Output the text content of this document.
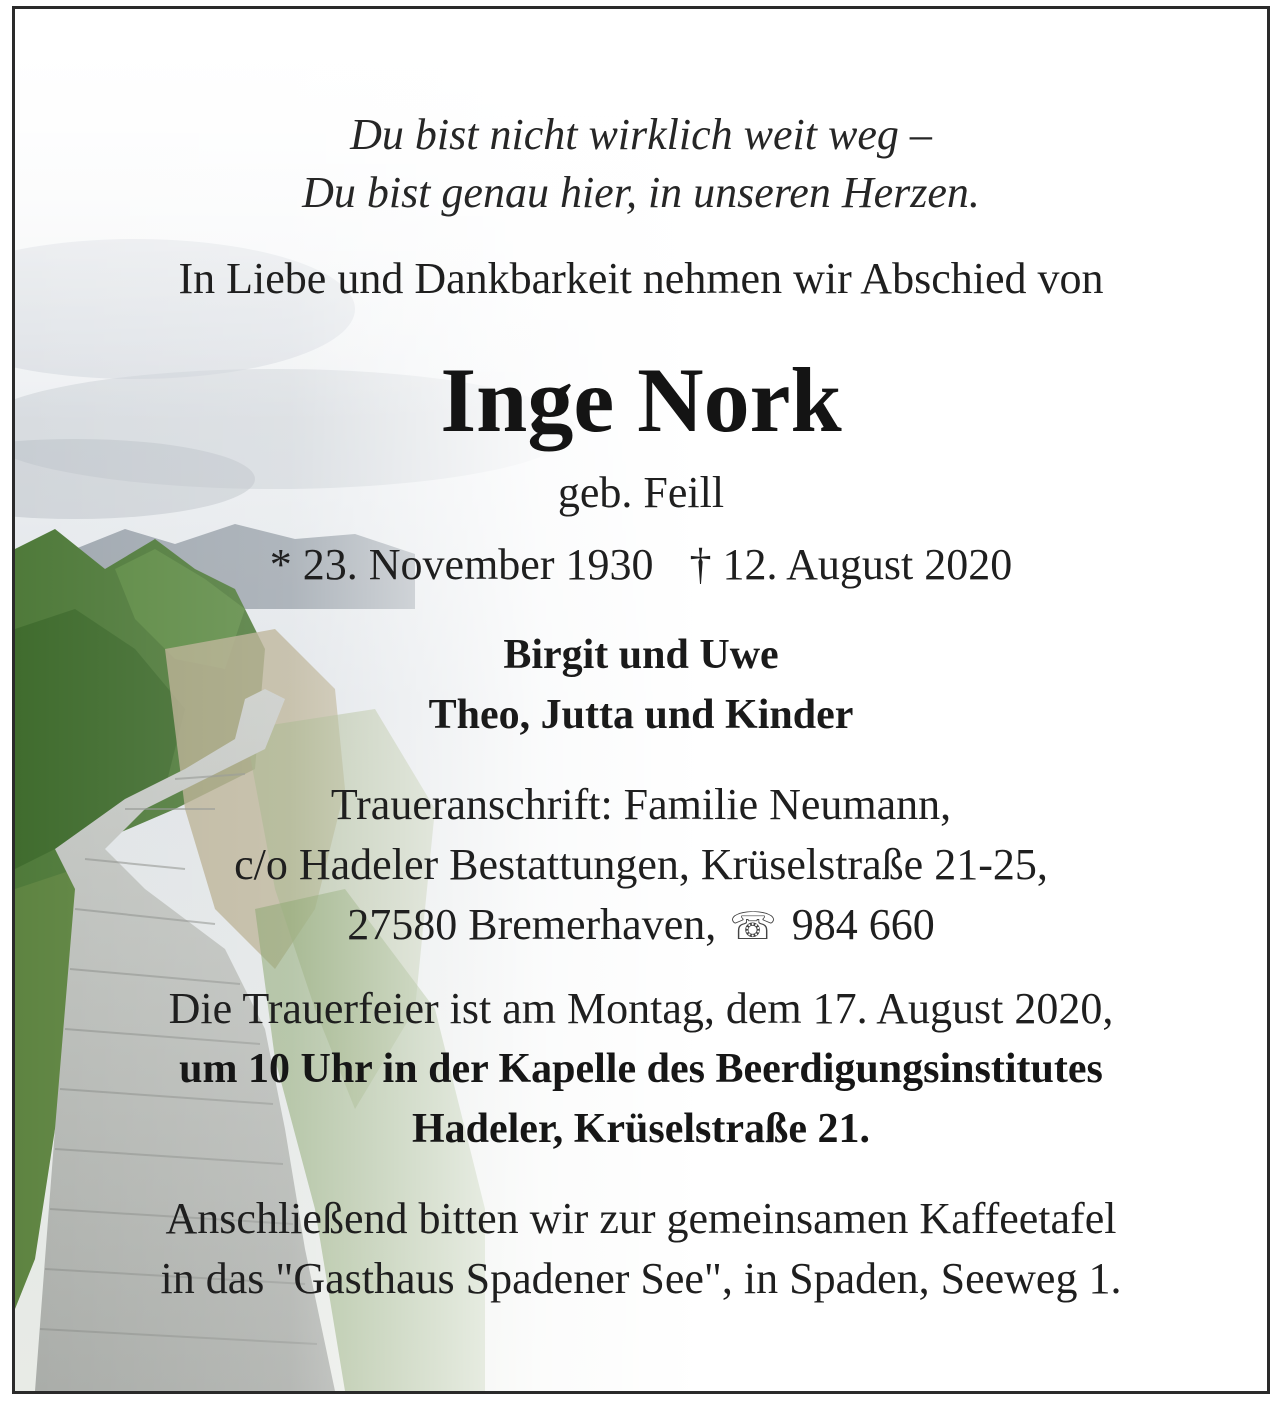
Du bist nicht wirklich weit weg –
Du bist genau hier, in unseren Herzen.
In Liebe und Dankbarkeit nehmen wir Abschied von
Inge Nork
geb. Feill
* 23. November 1930 † 12. August 2020
Birgit und Uwe
Theo, Jutta und Kinder
Traueranschrift: Familie Neumann,
c/o Hadeler Bestattungen, Krüselstraße 21-25,
27580 Bremerhaven, ☏ 984 660
Die Trauerfeier ist am Montag, dem 17. August 2020,
um 10 Uhr in der Kapelle des Beerdigungsinstitutes
Hadeler, Krüselstraße 21.
Anschließend bitten wir zur gemeinsamen Kaffeetafel
in das "Gasthaus Spadener See", in Spaden, Seeweg 1.
